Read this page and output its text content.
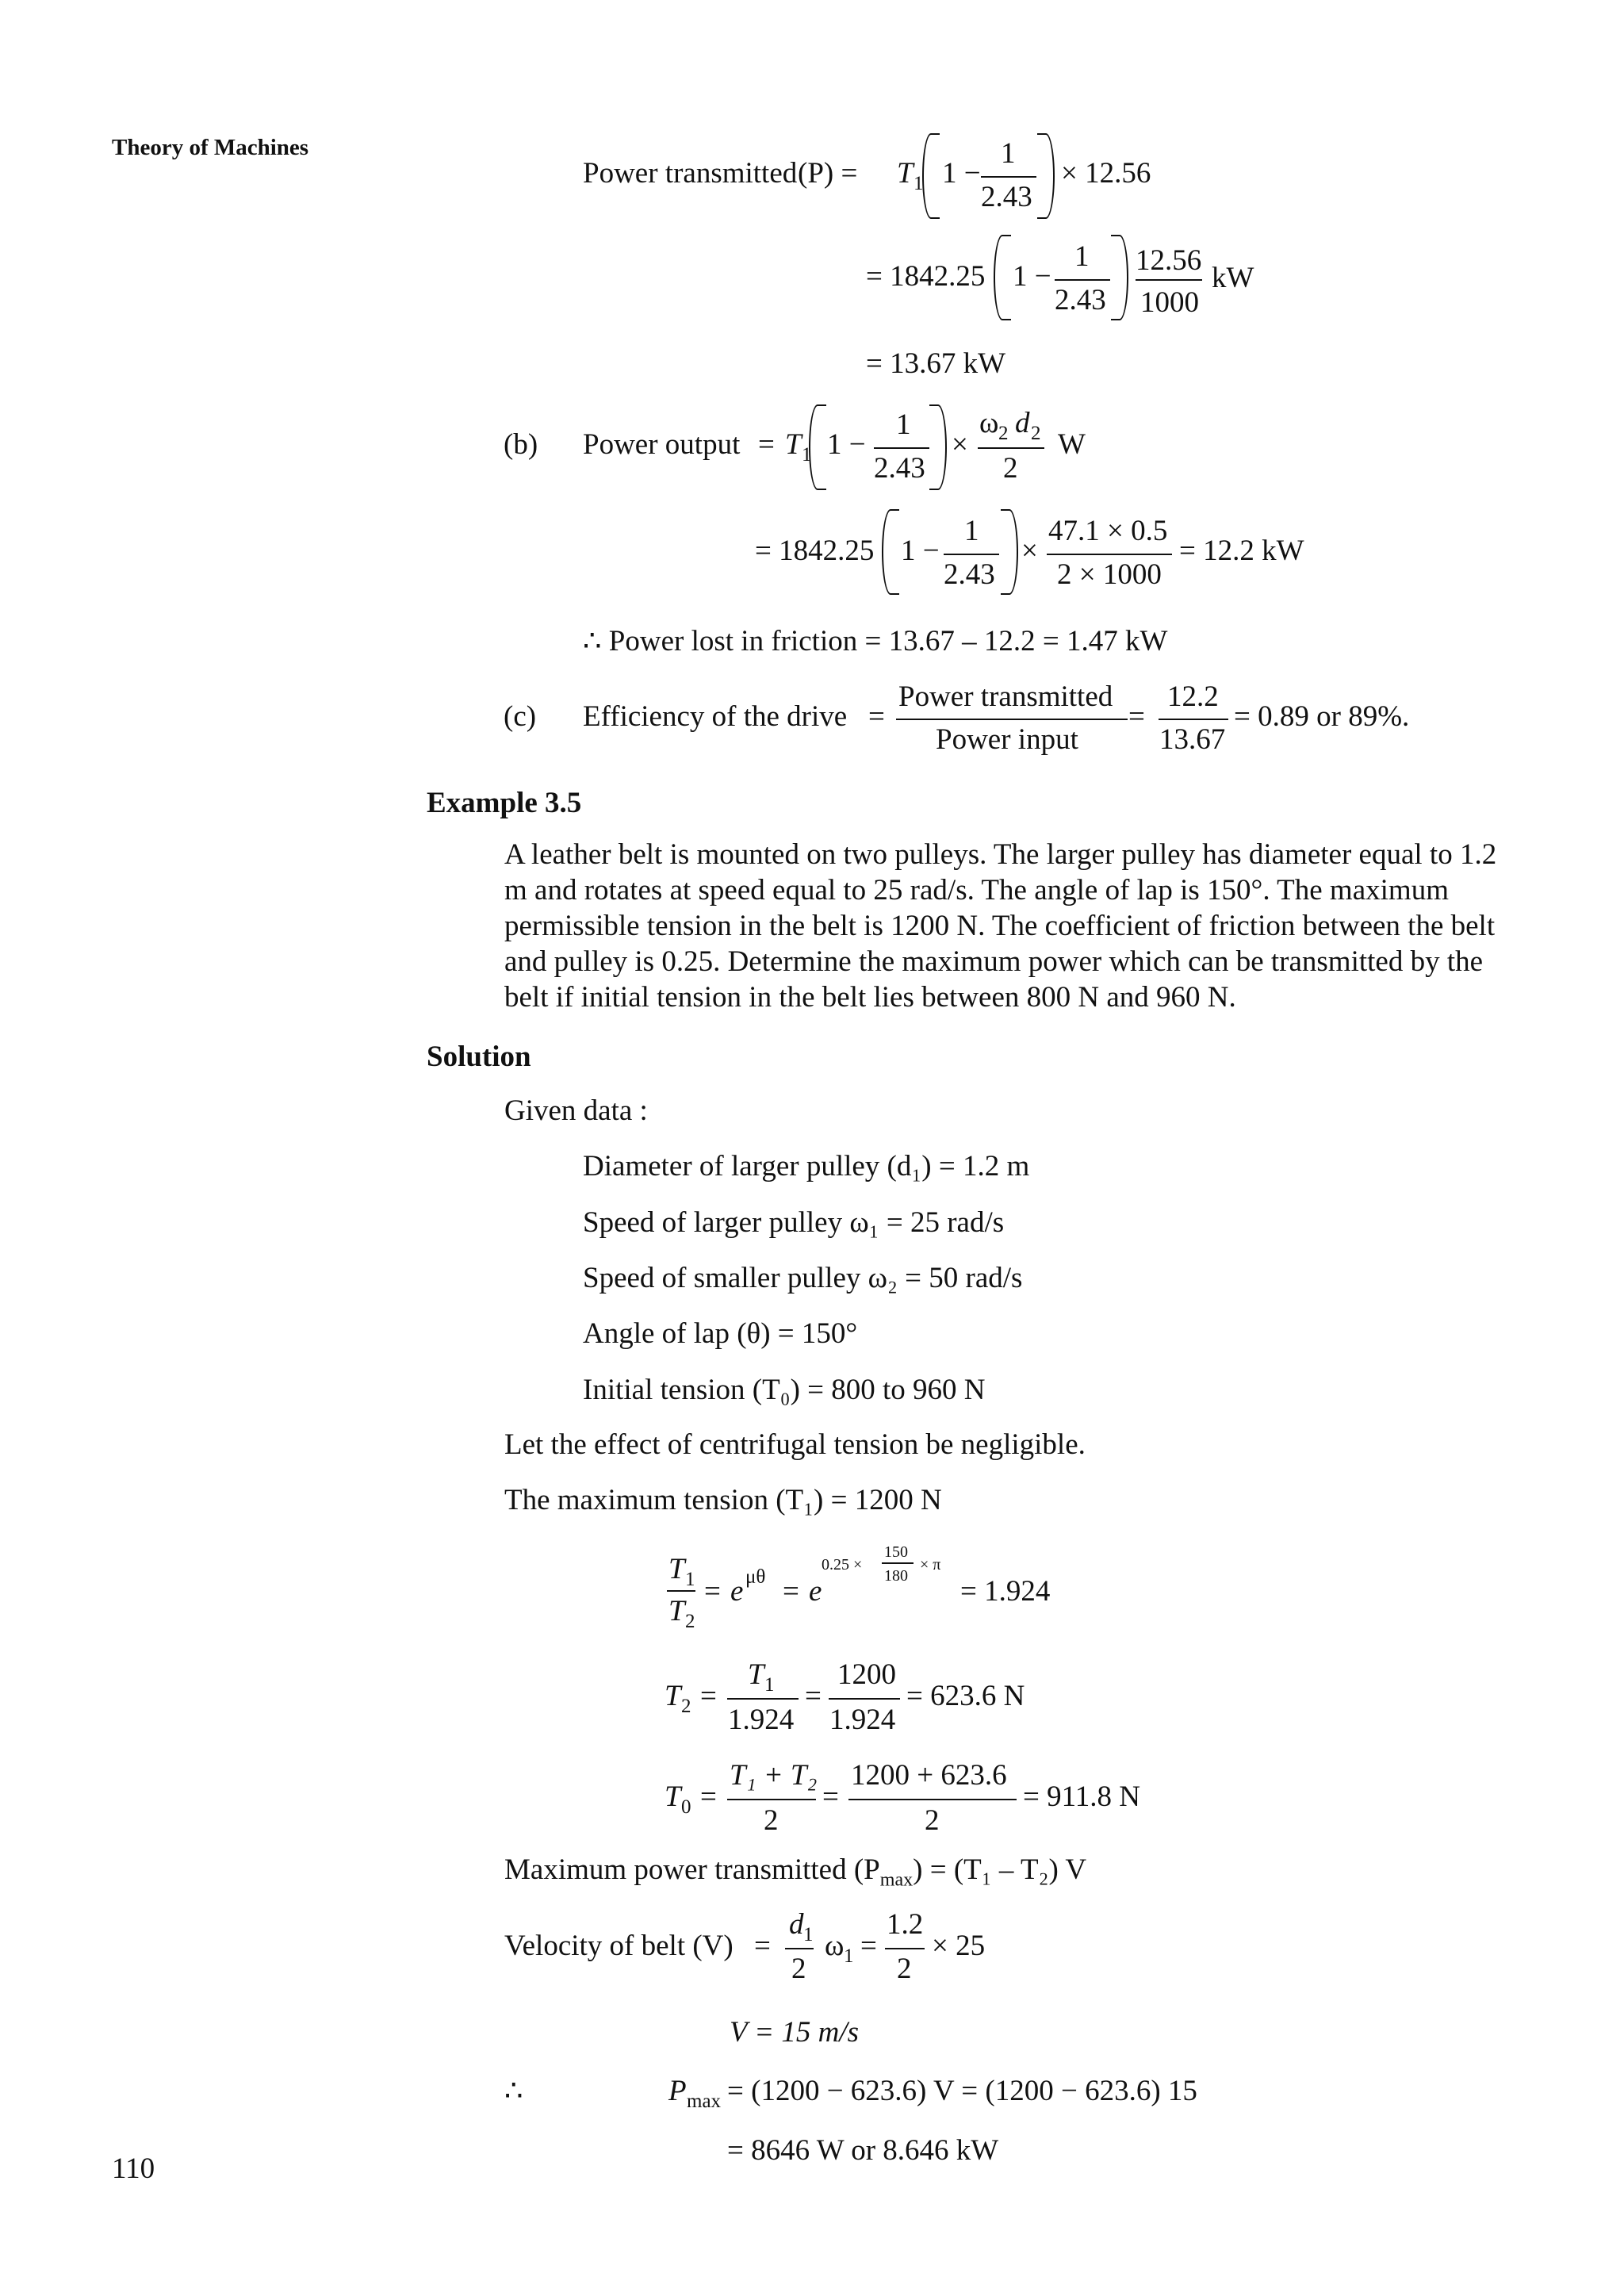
Theory of Machines
Power transmitted (P) = T 1 1 −
1
2.43
× 12.56
= 1842.25 1 −
1
2.43
12.56
1000
kW
= 13.67 kW
(b) Power output = T 1 1 −
1
2.43
×
ω 2 d 2
2
W
= 1842.25 1 −
1
2.43
×
47.1 × 0.5
2 × 1000
= 12.2 kW
∴ Power lost in friction = 13.67 – 12.2 = 1.47 kW
(c) Efficiency of the drive =
Power transmitted
Power input
=
12.2
13.67
= 0.89 or 89%.
Example 3.5
A leather belt is mounted on two pulleys. The larger pulley has diameter equal to 1.2 m and rotates at speed equal to 25 rad/s. The angle of lap is 150°. The maximum permissible tension in the belt is 1200 N. The coefficient of friction between the belt and pulley is 0.25. Determine the maximum power which can be transmitted by the belt if initial tension in the belt lies between 800 N and 960 N.
Solution
Given data :
Diameter of larger pulley (d₁) = 1.2 m
Speed of larger pulley ω₁ = 25 rad/s
Speed of smaller pulley ω₂ = 50 rad/s
Angle of lap (θ) = 150°
Initial tension (T₀) = 800 to 960 N
Let the effect of centrifugal tension be negligible.
The maximum tension (T₁) = 1200 N
T 1
T 2
= e μθ = e
0.25 ×
150
180
× π
= 1.924
T 2 =
T 1
1.924
=
1200
1.924
= 623.6 N
T 0 =
T₁ + T₂
2
=
1200 + 623.6
2
= 911.8 N
Maximum power transmitted $(P_{max}) = (T_1 - T_2)$ V
Velocity of belt (V) =
d 1
2
ω 1 =
1.2
2
× 25
V = 15 m/s
∴	P max = (1200 − 623.6) V = (1200 − 623.6) 15
= 8646 W or 8.646 kW
110
